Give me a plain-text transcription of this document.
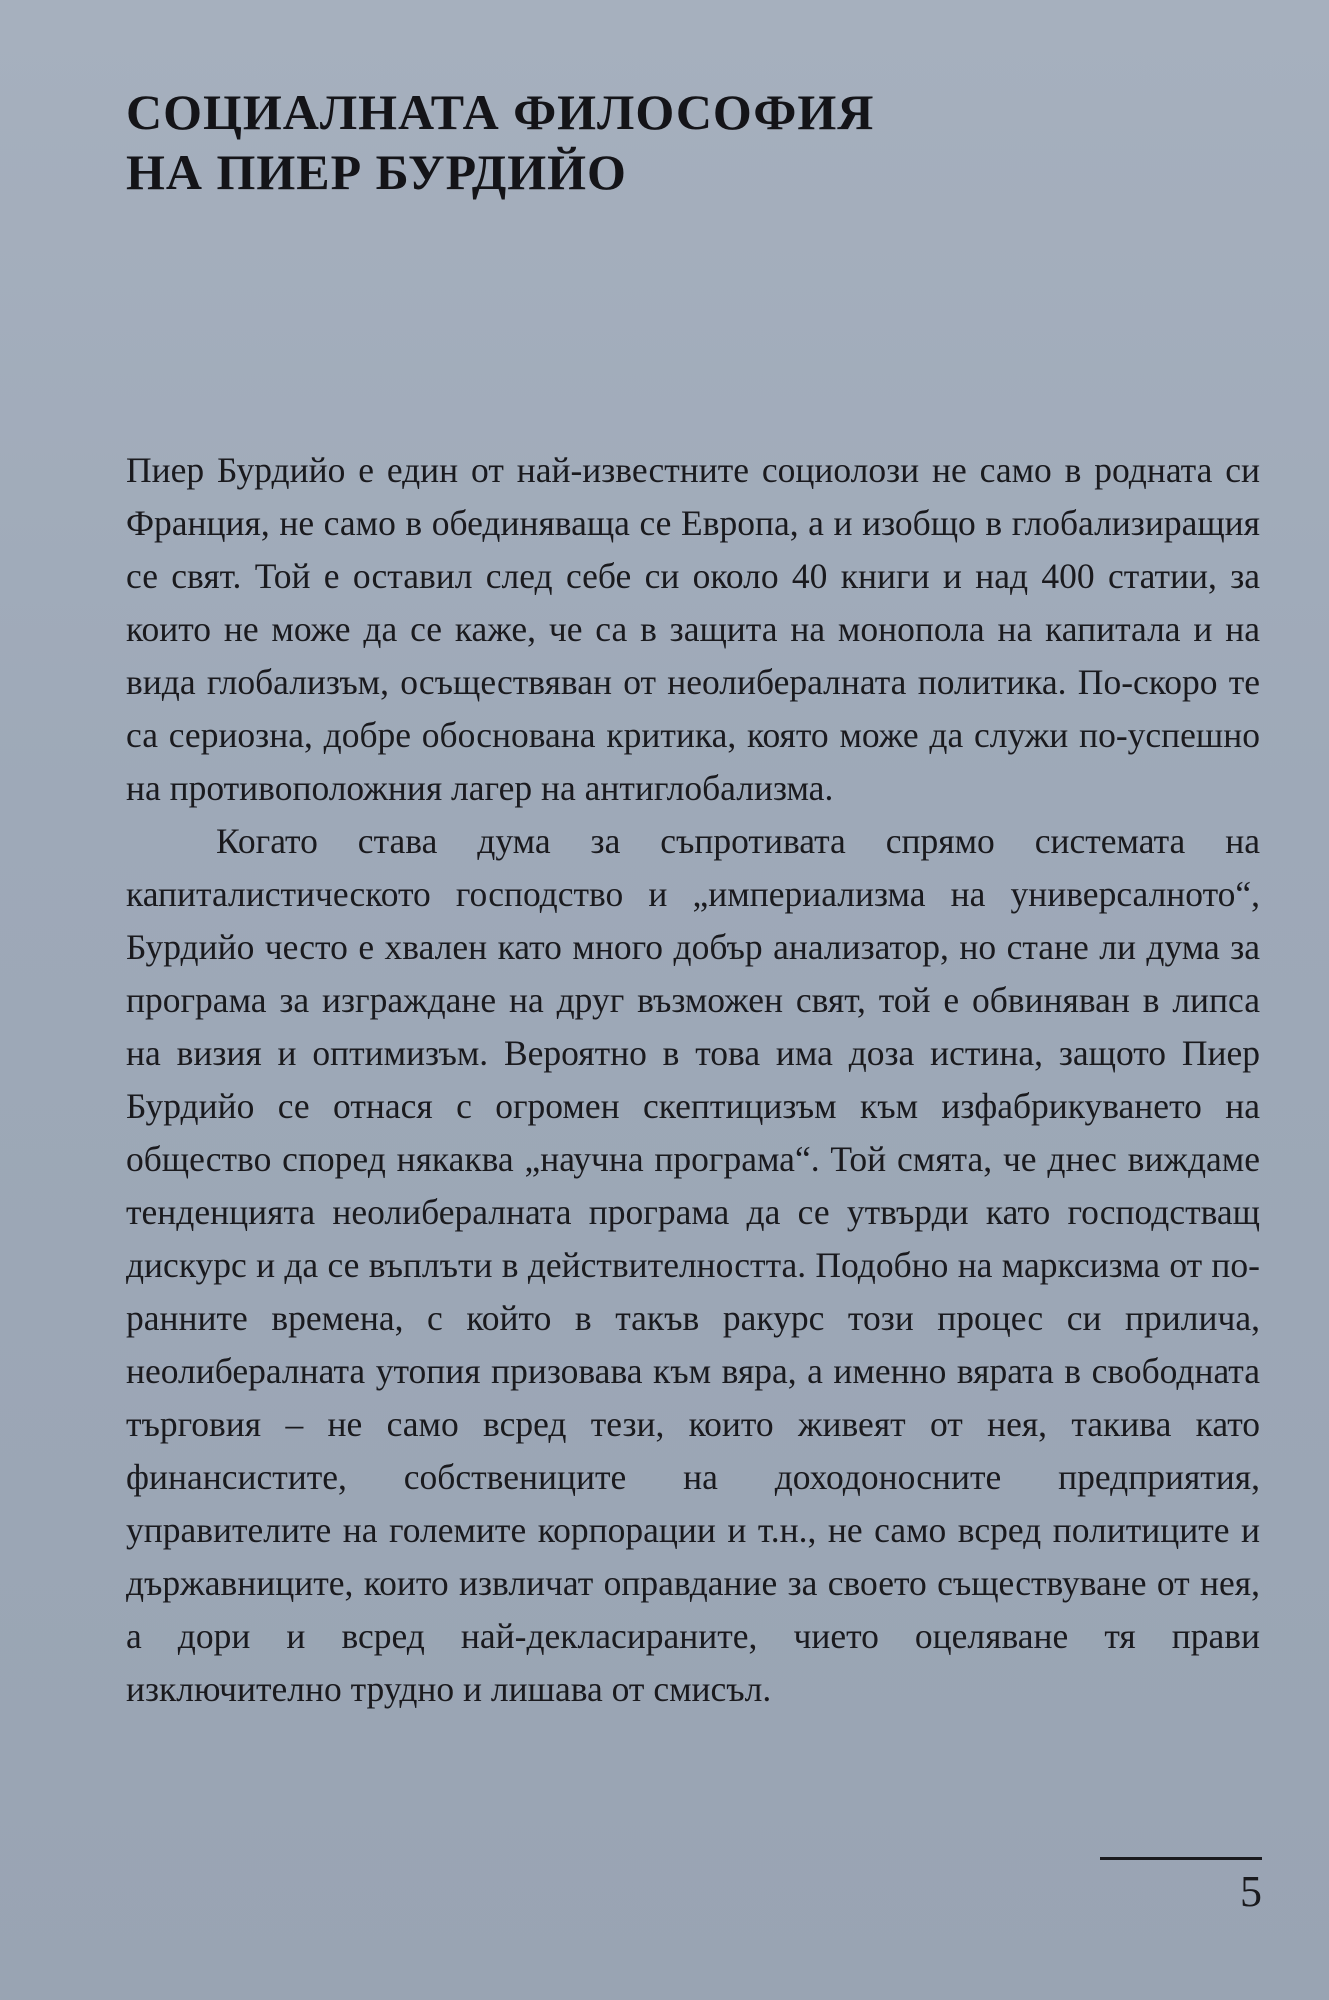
СОЦИАЛНАТА ФИЛОСОФИЯ
НА ПИЕР БУРДИЙО

Пиер Бурдийо е един от най-известните социолози не само в родната си Франция, не само в обединяваща се Европа, а и изобщо в глобализиращия се свят. Той е оставил след себе си около 40 книги и над 400 статии, за които не може да се каже, че са в защита на монопола на капитала и на вида глобализъм, осъществяван от неолибералната политика. По-скоро те са сериозна, добре обоснована критика, която може да служи по-успешно на противоположния лагер на антиглобализма.

Когато става дума за съпротивата спрямо системата на капиталистическото господство и „империализма на универсалното“, Бурдийо често е хвален като много добър анализатор, но стане ли дума за програма за изграждане на друг възможен свят, той е обвиняван в липса на визия и оптимизъм. Вероятно в това има доза истина, защото Пиер Бурдийо се отнася с огромен скептицизъм към изфабрикуването на общество според някаква „научна програма“. Той смята, че днес виждаме тенденцията неолибералната програма да се утвърди като господстващ дискурс и да се въплъти в действителността. Подобно на марксизма от по-ранните времена, с който в такъв ракурс този процес си прилича, неолибералната утопия призовава към вяра, а именно вярата в свободната търговия – не само всред тези, които живеят от нея, такива като финансистите, собствениците на доходоносните предприятия, управителите на големите корпорации и т.н., не само всред политиците и държавниците, които извличат оправдание за своето съществуване от нея, а дори и всред най-декласираните, чието оцеляване тя прави изключително трудно и лишава от смисъл.

5
